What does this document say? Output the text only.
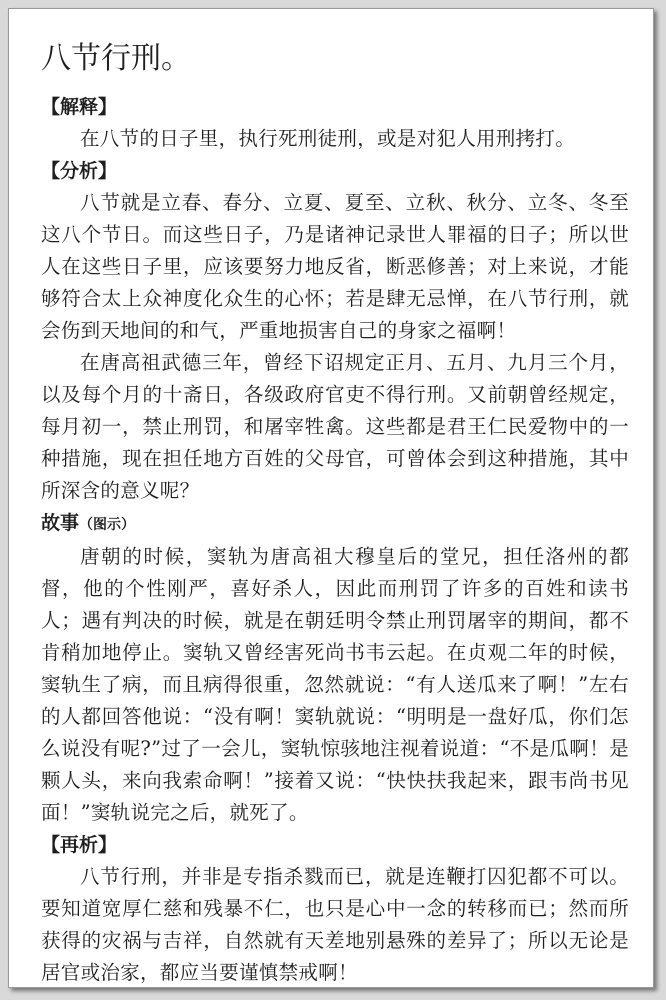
八节行刑。
【解释】

在八节的日子里，执行死刑徒刑，或是对犯人用刑拷打。

【分析】

八节就是立春、春分、立夏、夏至、立秋、秋分、立冬、冬至这八个节日。而这些日子，乃是诸神记录世人罪福的日子；所以世人在这些日子里，应该要努力地反省，断恶修善；对上来说，才能够符合太上众神度化众生的心怀；若是肆无忌惮，在八节行刑，就会伤到天地间的和气，严重地损害自己的身家之福啊！

在唐高祖武德三年，曾经下诏规定正月、五月、九月三个月，以及每个月的十斋日，各级政府官吏不得行刑。又前朝曾经规定，每月初一，禁止刑罚，和屠宰牲禽。这些都是君王仁民爱物中的一种措施，现在担任地方百姓的父母官，可曾体会到这种措施，其中所深含的意义呢？

故事（图示）

唐朝的时候，窦轨为唐高祖大穆皇后的堂兄，担任洛州的都督，他的个性刚严，喜好杀人，因此而刑罚了许多的百姓和读书人；遇有判决的时候，就是在朝廷明令禁止刑罚屠宰的期间，都不肯稍加地停止。窦轨又曾经害死尚书韦云起。在贞观二年的时候，窦轨生了病，而且病得很重，忽然就说：“有人送瓜来了啊！”左右的人都回答他说：“没有啊！窦轨就说：“明明是一盘好瓜，你们怎么说没有呢?”过了一会儿，窦轨惊骇地注视着说道：“不是瓜啊！是颗人头，来向我索命啊！”接着又说：“快快扶我起来，跟韦尚书见面！”窦轨说完之后，就死了。

【再析】

八节行刑，并非是专指杀戮而已，就是连鞭打囚犯都不可以。要知道宽厚仁慈和残暴不仁，也只是心中一念的转移而已；然而所获得的灾祸与吉祥，自然就有天差地别悬殊的差异了；所以无论是居官或治家，都应当要谨慎禁戒啊！
